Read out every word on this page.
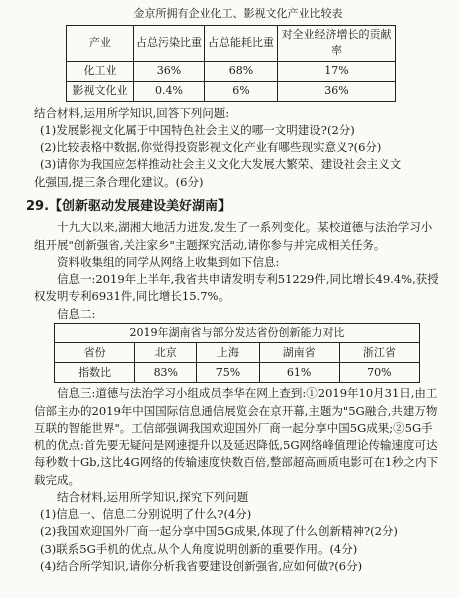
金京所拥有企业化工、影视文化产业比较表
产业	占总污染比重	占总能耗比重	对全业经济增长的贡献率
化工业	36%	68%	17%
影视文化业	0.4%	6%	36%

结合材料,运用所学知识,回答下列问题:

(1)发展影视文化属于中国特色社会主义的哪一文明建设?(2分)

(2)比较表格中数据,你觉得投资影视文化产业有哪些现实意义?(6分)

(3)请你为我国应怎样推动社会主义文化大发展大繁荣、建设社会主义文

化强国,提三条合理化建议。(6分)

29.【创新驱动发展建设美好湖南】

十九大以来,湖湘大地活力迸发,发生了一系列变化。某校道德与法治学习小组开展"创新强省,关注家乡"主题探究活动,请你参与并完成相关任务。

资料收集组的同学从网络上收集到如下信息:

信息一:2019年上半年,我省共申请发明专利51229件,同比增长49.4%,获授权发明专利6931件,同比增长15.7%。

信息二:

2019年湖南省与部分发达省份创新能力对比
省份	北京	上海	湖南省	浙江省
指数比	83%	75%	61%	70%

信息三:道德与法治学习小组成员李华在网上查到:①2019年10月31日,由工信部主办的2019年中国国际信息通信展览会在京开幕,主题为"5G融合,共建万物互联的智能世界"。工信部强调我国欢迎国外厂商一起分享中国5G成果;②5G手机的优点:首先要无疑问是网速提升以及延迟降低,5G网络峰值理论传输速度可达每秒数十Gb,这比4G网络的传输速度快数百倍,整部超高画质电影可在1秒之内下载完成。

结合材料,运用所学知识,探究下列问题

(1)信息一、信息二分别说明了什么?(4分)

(2)我国欢迎国外厂商一起分享中国5G成果,体现了什么创新精神?(2分)

(3)联系5G手机的优点,从个人角度说明创新的重要作用。(4分)

(4)结合所学知识,请你分析我省要建设创新强省,应如何做?(6分)
